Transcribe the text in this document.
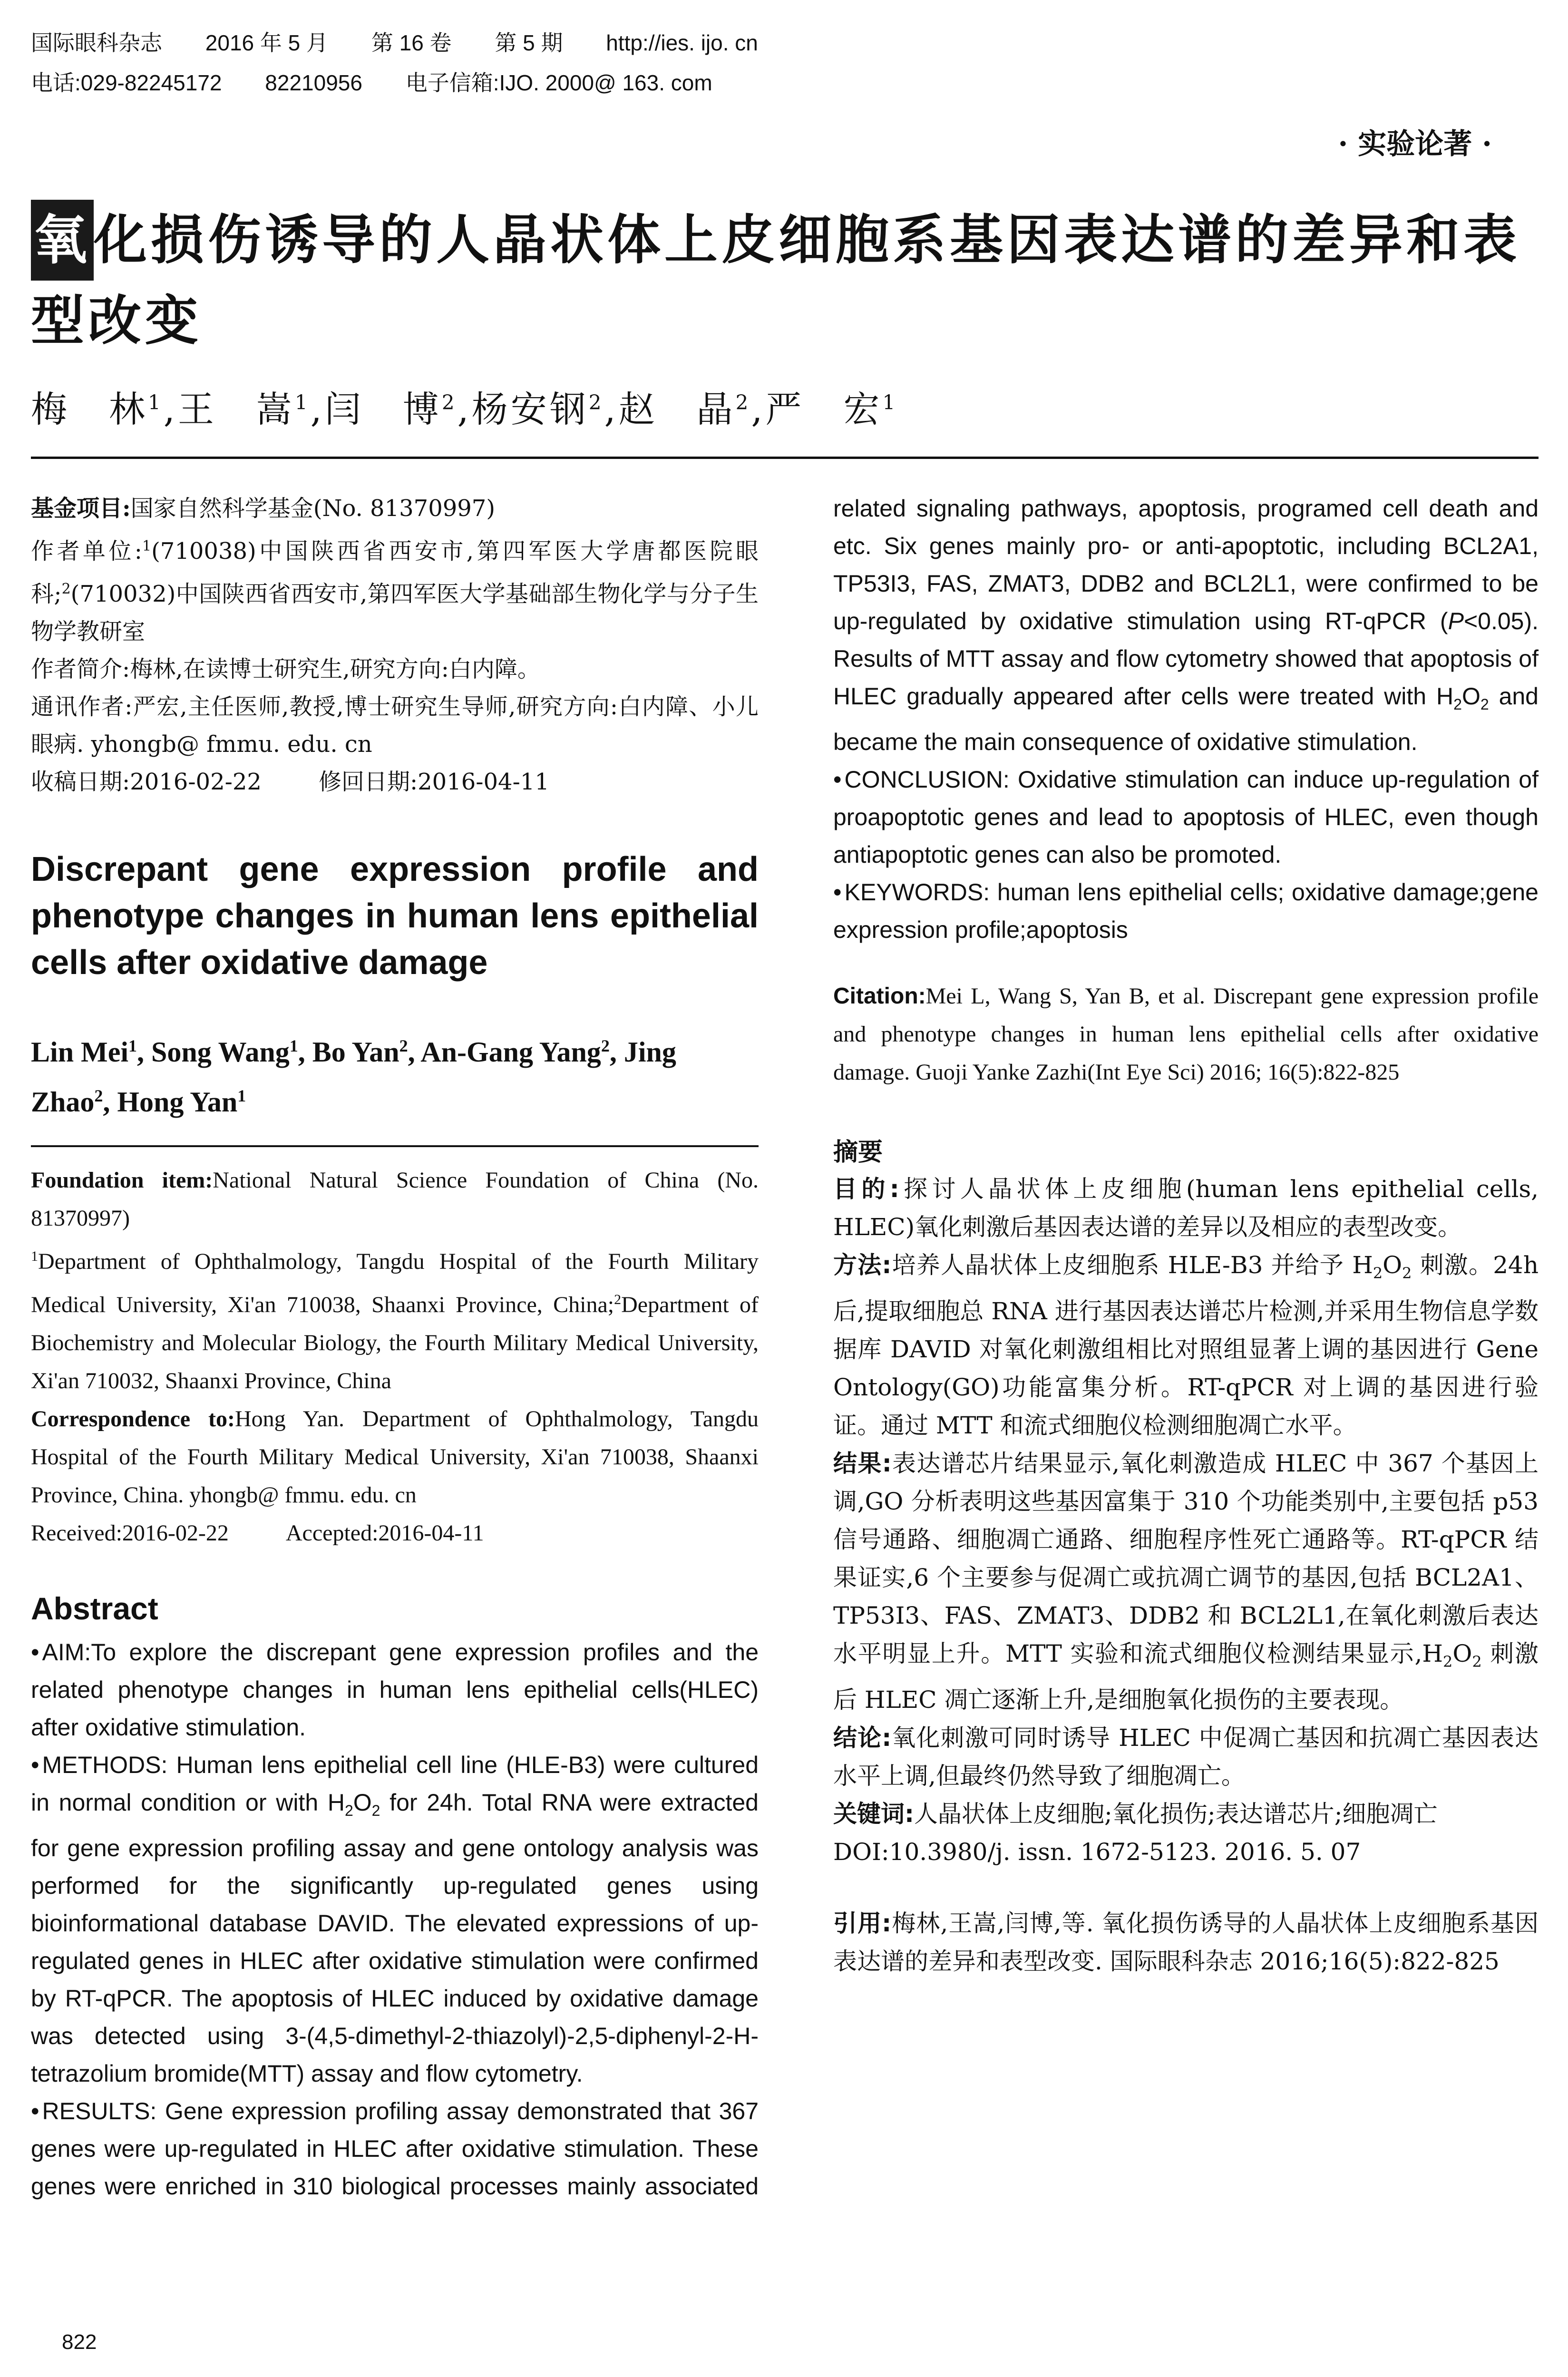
国际眼科杂志 2016 年 5 月 第 16 卷 第 5 期 http://ies. ijo. cn
电话:029-82245172 82210956 电子信箱:IJO. 2000@ 163. com
· 实验论著 ·
氧化损伤诱导的人晶状体上皮细胞系基因表达谱的差异和表型改变
梅　林$^1$,王　嵩$^1$,闫　博$^2$,杨安钢$^2$,赵　晶$^2$,严　宏$^1$
基金项目:国家自然科学基金(No. 81370997)
作者单位:$^1$(710038)中国陕西省西安市,第四军医大学唐都医院眼科;$^2$(710032)中国陕西省西安市,第四军医大学基础部生物化学与分子生物学教研室
作者简介:梅林,在读博士研究生,研究方向:白内障。
通讯作者:严宏,主任医师,教授,博士研究生导师,研究方向:白内障、小儿眼病. yhongb@ fmmu. edu. cn
收稿日期:2016-02-22	修回日期:2016-04-11
Discrepant gene expression profile and phenotype changes in human lens epithelial cells after oxidative damage
Lin Mei$^1$, Song Wang$^1$, Bo Yan$^2$, An-Gang Yang$^2$, Jing Zhao$^2$, Hong Yan$^1$
Foundation item:National Natural Science Foundation of China (No. 81370997)
$^1$Department of Ophthalmology, Tangdu Hospital of the Fourth Military Medical University, Xi'an 710038, Shaanxi Province, China;$^2$Department of Biochemistry and Molecular Biology, the Fourth Military Medical University, Xi'an 710032, Shaanxi Province, China
Correspondence to:Hong Yan. Department of Ophthalmology, Tangdu Hospital of the Fourth Military Medical University, Xi'an 710038, Shaanxi Province, China. yhongb@ fmmu. edu. cn
Received:2016-02-22	Accepted:2016-04-11
Abstract
• AIM:To explore the discrepant gene expression profiles and the related phenotype changes in human lens epithelial cells(HLEC) after oxidative stimulation.
• METHODS: Human lens epithelial cell line (HLE-B3) were cultured in normal condition or with $H_2O_2$ for 24h. Total RNA were extracted for gene expression profiling assay and gene ontology analysis was performed for the significantly up-regulated genes using bioinformational database DAVID. The elevated expressions of up-regulated genes in HLEC after oxidative stimulation were confirmed by RT-qPCR. The apoptosis of HLEC induced by oxidative damage was detected using 3-(4,5-dimethyl-2-thiazolyl)-2,5-diphenyl-2-H-tetrazolium bromide(MTT) assay and flow cytometry.
• RESULTS: Gene expression profiling assay demonstrated that 367 genes were up-regulated in HLEC after oxidative stimulation. These genes were enriched in 310 biological processes mainly associated
related signaling pathways, apoptosis, programed cell death and etc. Six genes mainly pro- or anti-apoptotic, including BCL2A1, TP53I3, FAS, ZMAT3, DDB2 and BCL2L1, were confirmed to be up-regulated by oxidative stimulation using RT-qPCR (P<0.05). Results of MTT assay and flow cytometry showed that apoptosis of HLEC gradually appeared after cells were treated with $H_2O_2$ and became the main consequence of oxidative stimulation.
• CONCLUSION: Oxidative stimulation can induce up-regulation of proapoptotic genes and lead to apoptosis of HLEC, even though antiapoptotic genes can also be promoted.
• KEYWORDS: human lens epithelial cells; oxidative damage;gene expression profile;apoptosis
Citation:Mei L, Wang S, Yan B, et al. Discrepant gene expression profile and phenotype changes in human lens epithelial cells after oxidative damage. Guoji Yanke Zazhi(Int Eye Sci) 2016; 16(5):822-825
摘要
目的:探讨人晶状体上皮细胞(human lens epithelial cells, HLEC)氧化刺激后基因表达谱的差异以及相应的表型改变。
方法:培养人晶状体上皮细胞系 HLE-B3 并给予 $H_2O_2$ 刺激。24h 后,提取细胞总 RNA 进行基因表达谱芯片检测,并采用生物信息学数据库 DAVID 对氧化刺激组相比对照组显著上调的基因进行 Gene Ontology(GO)功能富集分析。RT-qPCR 对上调的基因进行验证。通过 MTT 和流式细胞仪检测细胞凋亡水平。
结果:表达谱芯片结果显示,氧化刺激造成 HLEC 中 367 个基因上调,GO 分析表明这些基因富集于 310 个功能类别中,主要包括 p53 信号通路、细胞凋亡通路、细胞程序性死亡通路等。RT-qPCR 结果证实,6 个主要参与促凋亡或抗凋亡调节的基因,包括 BCL2A1、TP53I3、FAS、ZMAT3、DDB2 和 BCL2L1,在氧化刺激后表达水平明显上升。MTT 实验和流式细胞仪检测结果显示$,H_2O_2$ 刺激后 HLEC 凋亡逐渐上升,是细胞氧化损伤的主要表现。
结论:氧化刺激可同时诱导 HLEC 中促凋亡基因和抗凋亡基因表达水平上调,但最终仍然导致了细胞凋亡。
关键词:人晶状体上皮细胞;氧化损伤;表达谱芯片;细胞凋亡
DOI:10.3980/j. issn. 1672-5123. 2016. 5. 07
引用:梅林,王嵩,闫博,等. 氧化损伤诱导的人晶状体上皮细胞系基因表达谱的差异和表型改变. 国际眼科杂志 2016;16(5):822-825
822
